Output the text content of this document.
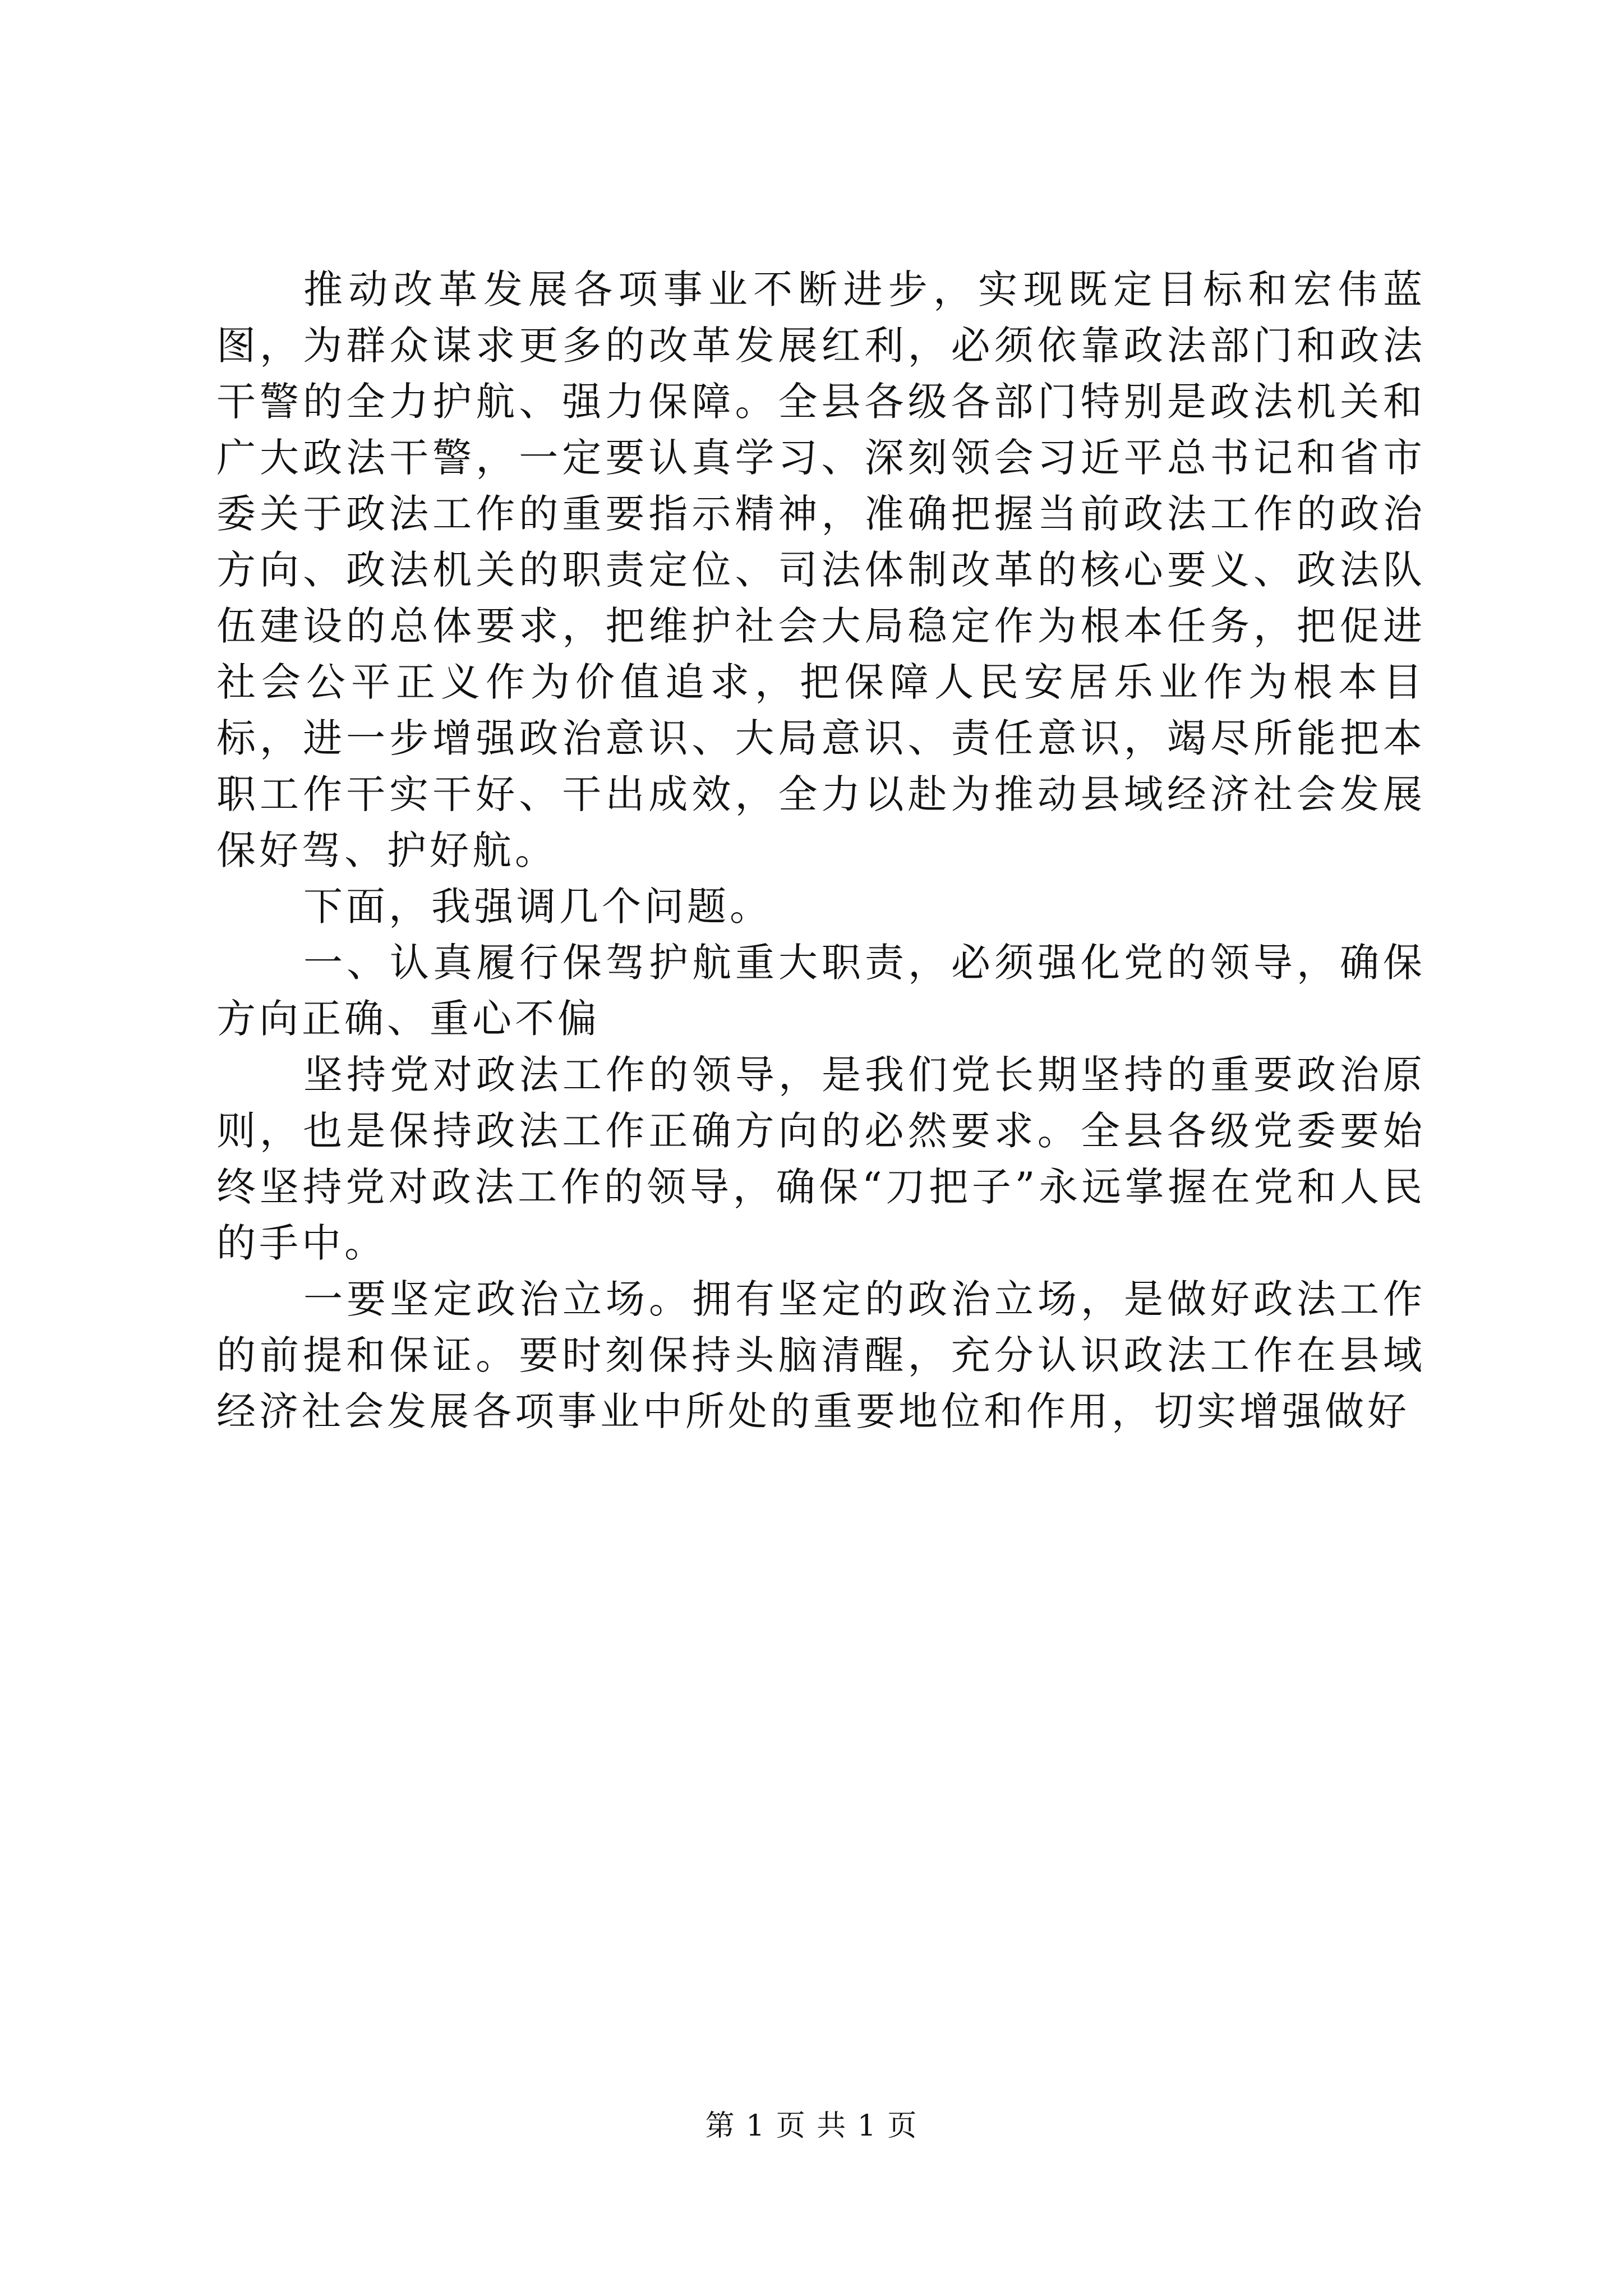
推动改革发展各项事业不断进步，实现既定目标和宏伟蓝图，为群众谋求更多的改革发展红利，必须依靠政法部门和政法干警的全力护航、强力保障。全县各级各部门特别是政法机关和广大政法干警，一定要认真学习、深刻领会习近平总书记和省市委关于政法工作的重要指示精神，准确把握当前政法工作的政治方向、政法机关的职责定位、司法体制改革的核心要义、政法队伍建设的总体要求，把维护社会大局稳定作为根本任务，把促进社会公平正义作为价值追求，把保障人民安居乐业作为根本目标，进一步增强政治意识、大局意识、责任意识，竭尽所能把本职工作干实干好、干出成效，全力以赴为推动县域经济社会发展保好驾、护好航。

下面，我强调几个问题。

一、认真履行保驾护航重大职责，必须强化党的领导，确保方向正确、重心不偏

坚持党对政法工作的领导，是我们党长期坚持的重要政治原则，也是保持政法工作正确方向的必然要求。全县各级党委要始终坚持党对政法工作的领导，确保“刀把子”永远掌握在党和人民的手中。

一要坚定政治立场。拥有坚定的政治立场，是做好政法工作的前提和保证。要时刻保持头脑清醒，充分认识政法工作在县域经济社会发展各项事业中所处的重要地位和作用，切实增强做好

第 1 页 共 1 页
